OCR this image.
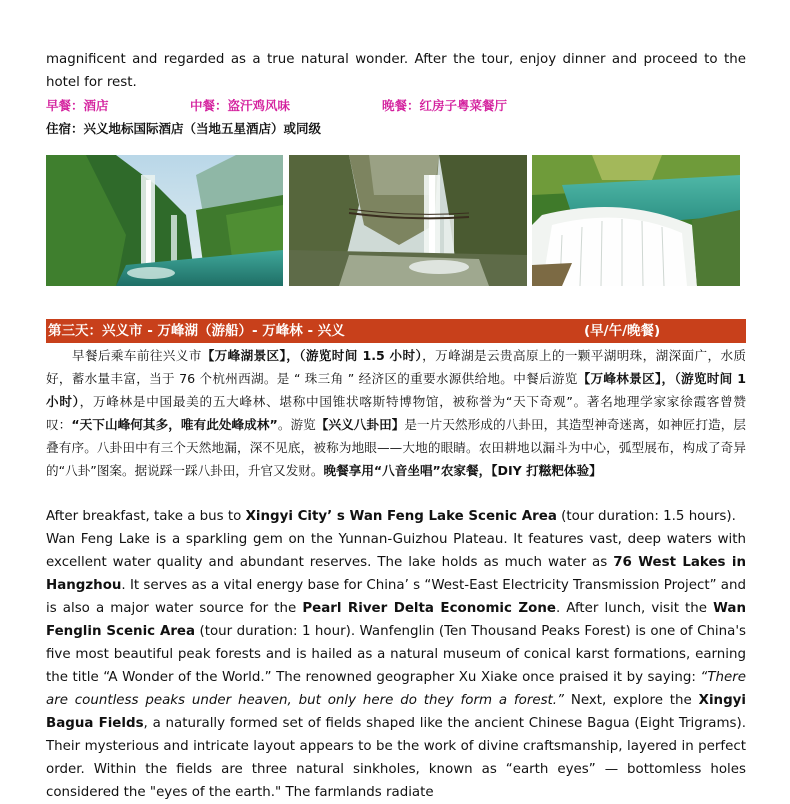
magnificent and regarded as a true natural wonder. After the tour, enjoy dinner and proceed to the hotel for rest.

早餐：酒店	中餐：盗汗鸡风味	晚餐：红房子粤菜餐厅
住宿：兴义地标国际酒店（当地五星酒店）或同级
第三天：兴义市 - 万峰湖（游船）- 万峰林 - 兴义	(早/午/晚餐)

早餐后乘车前往兴义市【万峰湖景区】，（游览时间 1.5 小时），万峰湖是云贵高原上的一颗平湖明珠，湖深面广，水质好，蓄水量丰富，当于 76 个杭州西湖。是 “ 珠三角 ” 经济区的重要水源供给地。中餐后游览【万峰林景区】，（游览时间 1 小时），万峰林是中国最美的五大峰林、堪称中国锥状喀斯特博物馆，被称誉为“天下奇观”。著名地理学家家徐霞客曾赞叹：“天下山峰何其多，唯有此处峰成林”。游览【兴义八卦田】是一片天然形成的八卦田，其造型神奇迷离，如神匠打造，层叠有序。八卦田中有三个天然地漏，深不见底，被称为地眼——大地的眼睛。农田耕地以漏斗为中心，弧型展布，构成了奇异的“八卦”图案。据说踩一踩八卦田，升官又发财。晚餐享用“八音坐唱”农家餐，【DIY 打糍粑体验】

After breakfast, take a bus to Xingyi City’ s Wan Feng Lake Scenic Area (tour duration: 1.5 hours).

Wan Feng Lake is a sparkling gem on the Yunnan-Guizhou Plateau. It features vast, deep waters with excellent water quality and abundant reserves. The lake holds as much water as 76 West Lakes in Hangzhou. It serves as a vital energy base for China’ s “West-East Electricity Transmission Project” and is also a major water source for the Pearl River Delta Economic Zone. After lunch, visit the Wan Fenglin Scenic Area (tour duration: 1 hour). Wanfenglin (Ten Thousand Peaks Forest) is one of China's five most beautiful peak forests and is hailed as a natural museum of conical karst formations, earning the title “A Wonder of the World.” The renowned geographer Xu Xiake once praised it by saying: “There are countless peaks under heaven, but only here do they form a forest.” Next, explore the Xingyi Bagua Fields, a naturally formed set of fields shaped like the ancient Chinese Bagua (Eight Trigrams). Their mysterious and intricate layout appears to be the work of divine craftsmanship, layered in perfect order. Within the fields are three natural sinkholes, known as “earth eyes” — bottomless holes considered the "eyes of the earth." The farmlands radiate
